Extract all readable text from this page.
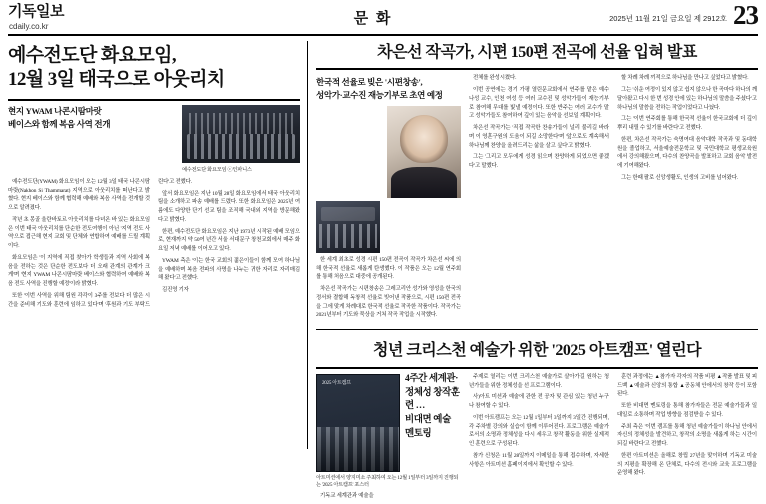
기독일보
cdaily.co.kr	문 화	2025년 11월 21일 금요일 제 2912호 23
예수전도단 화요모임,
12월 3일 태국으로 아웃리치
현지 YWAM 나콘시땀마랏
베이스와 함께 복음 사역 전개
예수전도단 화요모임 ⓒ인파니스

예수전도단(YWAM) 화요모임이 오는 12월 3일 태국 나콘시땀마랏(Nakhon Si Thammarat) 지역으로 아웃리치를 떠난다고 밝혔다. 현지 베이스와 함께 협력해 예배와 복음 사역을 전개할 것으로 알려졌다.

작년 초 몽골 울란바토르 아웃리치를 다녀온 바 있는 화요모임은 이번 태국 아웃리치를 단순한 전도여행이 아닌 '지역 전도 사역'으로 접근해 현지 교회 및 단체와 연합하여 예배를 드릴 계획이다.

화요모임은 '이 지역에 직접 찾아가 학생들과 지역 사회에 복음을 전하는 것은 단순한 전도보다 더 오래 관계의 관계가 크게'며 '현지 YWAM 나콘시땀마랏 베이스와 협력하여 예배와 복음 전도 사역을 진행할 예정'이라 밝혔다.

또한 '이번 사역을 위해 팀원 각각이 3주를 전보다 더 많은 시간을 준비해 기도와 훈련에 임하고 있다'며 '후원과 기도 부탁드린다'고 전했다.

앞서 화요모임은 지난 10월 28일 화요모임에서 태국 아웃리치 팀을 소개하고 파송 예배를 드렸다. 또한 화요모임은 2025년 여름에도 다양한 단기 선교 팀을 조직해 국내외 지역을 방문해왔다고 밝혔다.

한편, 예수전도단 화요모임은 지난 1973년 시작된 예배 모임으로, 현재까지 약 50여 년간 서울 서대문구 창천교회에서 매주 화요일 저녁 예배를 이어오고 있다.

YWAM 측은 '이는 한국 교회의 젊은이들이 함께 모여 하나님을 예배하며 복음 전파의 사명을 나누는 귀한 자리로 자리매김해 왔다'고 전했다.

김진영 기자

차은선 작곡가, 시편 150편 전곡에 선율 입혀 발표
한국적 선율로 빚은 '시편창송',
성악가·교수진 재능기부로 초연 예정

한 세계 최초로 성경 시편 150편 전곡이 작곡가 차은선 씨에 의해 한국적 선율로 새롭게 탄생했다. 이 작품은 오는 12월 연주회를 통해 처음으로 대중에 공개된다.

차은선 작곡가는 시편창송은 그레고리안 성가와 영성을 한국의 정서와 결합해 독창적 선율로 빚어낸 작품으로, 시편 150편 전곡을 그에 맞게 차례대로 한국적 선율로 작곡한 작품이다. 작곡가는 2021년부터 기도와 묵상을 거쳐 작곡 작업을 시작했다.

전체를 완성시켰다.

이번 공연에는 경기 가평 열린문교회에서 연주를 맡은 예수 나성 교수, 인천 여성 등 여러 교수진 및 성악가들이 재능기부로 참여해 무대를 빛낼 예정이다. 또한 반주는 여러 교수가 맡고 성악가들도 참여하여 깊이 있는 음악을 선보일 계획이다.

차은선 작곡가는 '직접 작곡한 찬송가들이 널리 불리길 바라며 이 영혼구원의 도움이 되길 소망한다'며 '앞으로도 계속해서 하나님께 찬양을 올려드리는 삶을 살고 싶다'고 밝혔다.

그는 '그리고 모두에게 성경 읽으며 찬양하게 되었으면 좋겠다'고 말했다.

할 차례 차례 끼적으로 하나님을 만나고 싶었다고 밝혔다.

그는 '쉬운 여정이 있지 않고 쉽지 않으나 한 곡마다 하나의 깨달아왔고 다시 한 번 성경 안에 있는 하나님의 말씀을 주셨다'고 하나님의 말씀을 전하는 작업이었다고 나눴다.

그는 '이번 연주회를 통해 한국적 선율이 한국교회에 더 깊이 뿌리 내릴 수 있기를 바란다'고 전했다.

한편, 차은선 작곡가는 숙명여대 음악대학 작곡과 및 동대학원을 졸업하고, 서울예술전문학교 및 국민대학교 평생교육원에서 강의해왔으며, 다수의 찬양곡을 발표하고 교회 음악 발전에 기여해왔다.

그는 한때 팔로 신앙생활도, 인생의 고비를 넘어왔다.

청년 크리스천 예술가 위한 '2025 아트캠프' 열린다
2025 아트캠프	4주간 세계관·
정체성 창작훈련 …
비대면 예술 멘토링
아트미션에서 양지미소 주최하여 오는 12월 1일부터 3일까지 진행되는 '2025 아트캠프' 포스터

기독교 세계관과 예술을

주제로 열리는 이번 크리스천 예술가로 살아가길 원하는 청년가들을 위한 정체성을 선 프로그램이다.

사)아트 미션과 예술에 관한 전 공자 및 관심 있는 청년 누구나 참여할 수 있다.

이번 아트캠프는 오는 12월 1일부터 3일까지 3일간 진행되며, 각 주차별 강의와 실습이 함께 이루어진다. 프로그램은 예술가로서의 소명과 정체성을 다시 세우고 창작 활동을 위한 실제적인 훈련으로 구성된다.

참가 신청은 11월 28일까지 이메일을 통해 접수하며, 자세한 사항은 아트미션 홈페이지에서 확인할 수 있다.

훈련 과정에는 ▲참가자 각자의 작품 비평 ▲작품 발표 및 피드백 ▲예술과 신앙의 통합 ▲공동체 안에서의 창작 등이 포함된다.

또한 비대면 멘토링을 통해 참가자들은 전문 예술가들과 일대일로 소통하며 작업 방향을 점검받을 수 있다.

주최 측은 '이번 캠프를 통해 청년 예술가들이 하나님 안에서 자신의 정체성을 발견하고, 창작의 소명을 새롭게 하는 시간이 되길 바란다'고 전했다.

한편 아트미션은 올해로 창립 27년을 맞이하며 기독교 미술의 지평을 확장해 온 단체로, 다수의 전시와 교육 프로그램을 운영해 왔다.
